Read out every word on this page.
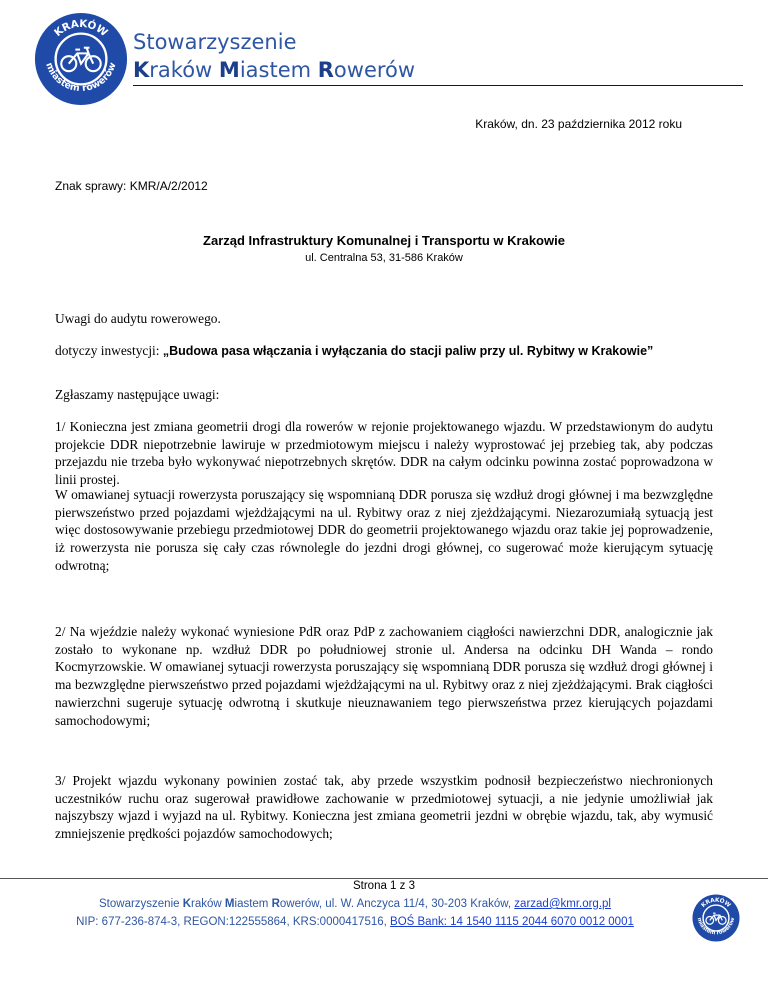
KRAKÓW
miastem rowerów

Stowarzyszenie

Kraków Miastem Rowerów

Kraków, dn. 23 października 2012 roku
Znak sprawy: KMR/A/2/2012
Zarząd Infrastruktury Komunalnej i Transportu w Krakowie
ul. Centralna 53, 31-586 Kraków

Uwagi do audytu rowerowego.

dotyczy inwestycji: „Budowa pasa włączania i wyłączania do stacji paliw przy ul. Rybitwy w Krakowie”

Zgłaszamy następujące uwagi:

1/ Konieczna jest zmiana geometrii drogi dla rowerów w rejonie projektowanego wjazdu. W przedstawionym do audytu projekcie DDR niepotrzebnie lawiruje w przedmiotowym miejscu i należy wyprostować jej przebieg tak, aby podczas przejazdu nie trzeba było wykonywać niepotrzebnych skrętów. DDR na całym odcinku powinna zostać poprowadzona w linii prostej.

W omawianej sytuacji rowerzysta poruszający się wspomnianą DDR porusza się wzdłuż drogi głównej i ma bezwzględne pierwszeństwo przed pojazdami wjeżdżającymi na ul. Rybitwy oraz z niej zjeżdżającymi. Niezarozumiałą sytuacją jest więc dostosowywanie przebiegu przedmiotowej DDR do geometrii projektowanego wjazdu oraz takie jej poprowadzenie, iż rowerzysta nie porusza się cały czas równolegle do jezdni drogi głównej, co sugerować może kierującym sytuację odwrotną;

2/ Na wjeździe należy wykonać wyniesione PdR oraz PdP z zachowaniem ciągłości nawierzchni DDR, analogicznie jak zostało to wykonane np. wzdłuż DDR po południowej stronie ul. Andersa na odcinku DH Wanda – rondo Kocmyrzowskie. W omawianej sytuacji rowerzysta poruszający się wspomnianą DDR porusza się wzdłuż drogi głównej i ma bezwzględne pierwszeństwo przed pojazdami wjeżdżającymi na ul. Rybitwy oraz z niej zjeżdżającymi. Brak ciągłości nawierzchni sugeruje sytuację odwrotną i skutkuje nieuznawaniem tego pierwszeństwa przez kierujących pojazdami samochodowymi;

3/ Projekt wjazdu wykonany powinien zostać tak, aby przede wszystkim podnosił bezpieczeństwo niechronionych uczestników ruchu oraz sugerował prawidłowe zachowanie w przedmiotowej sytuacji, a nie jedynie umożliwiał jak najszybszy wjazd i wyjazd na ul. Rybitwy. Konieczna jest zmiana geometrii jezdni w obrębie wjazdu, tak, aby wymusić zmniejszenie prędkości pojazdów samochodowych;

Strona 1 z 3
Stowarzyszenie Kraków Miastem Rowerów, ul. W. Anczyca 11/4, 30-203 Kraków, zarzad@kmr.org.pl
NIP: 677-236-874-3, REGON:122555864, KRS:0000417516, BOŚ Bank: 14 1540 1115 2044 6070 0012 0001
KRAKÓW
miastem rowerów
